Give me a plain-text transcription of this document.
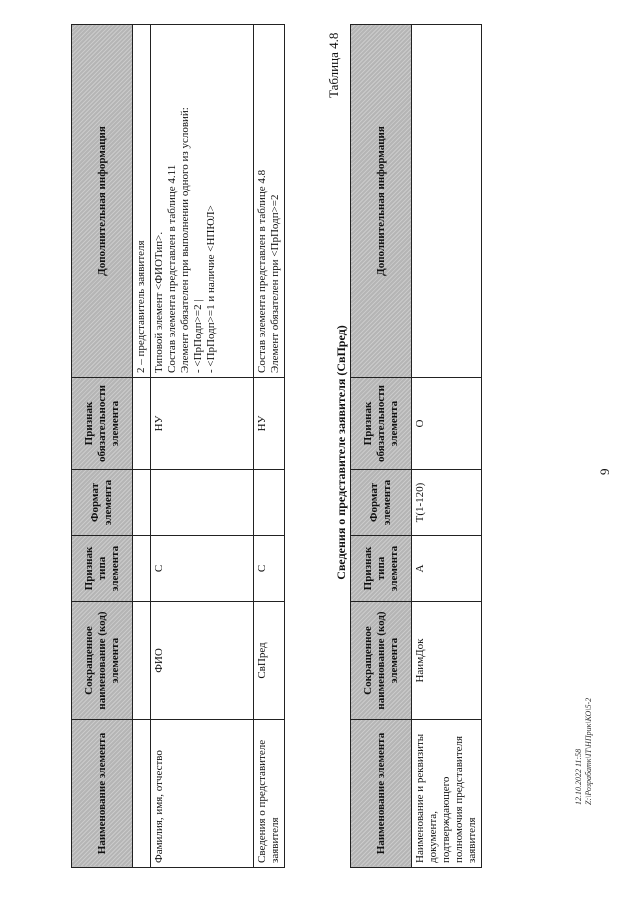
9
Наименование элемента	Сокращенное наименование (код) элемента	Признак типа элемента	Формат элемента	Признак обязательности элемента	Дополнительная информация

					2 – представитель заявителя

Фамилия, имя, отчество	ФИО	С		НУ	Типовой элемент <ФИОТип>. Состав элемента представлен в таблице 4.11 Элемент обязателен при выполнении одного из условий: - <ПрПодп>=2 | - <ПрПодп>=1 и наличие <НПЮЛ>

Сведения о представителе заявителя	СвПред	С		НУ	Состав элемента представлен в таблице 4.8 Элемент обязателен при <ПрПодп>=2
Таблица 4.8
Сведения о представителе заявителя (СвПред)
Наименование элемента	Сокращенное наименование (код) элемента	Признак типа элемента	Формат элемента	Признак обязательности элемента	Дополнительная информация
Наименование и реквизиты документа, подтверждающего полномочия представителя заявителя	НаимДок	А	T(1-120)	О	
12.10.2022 11:58 Z:\Розрабатк\IT\НПрик\КО\5-2
